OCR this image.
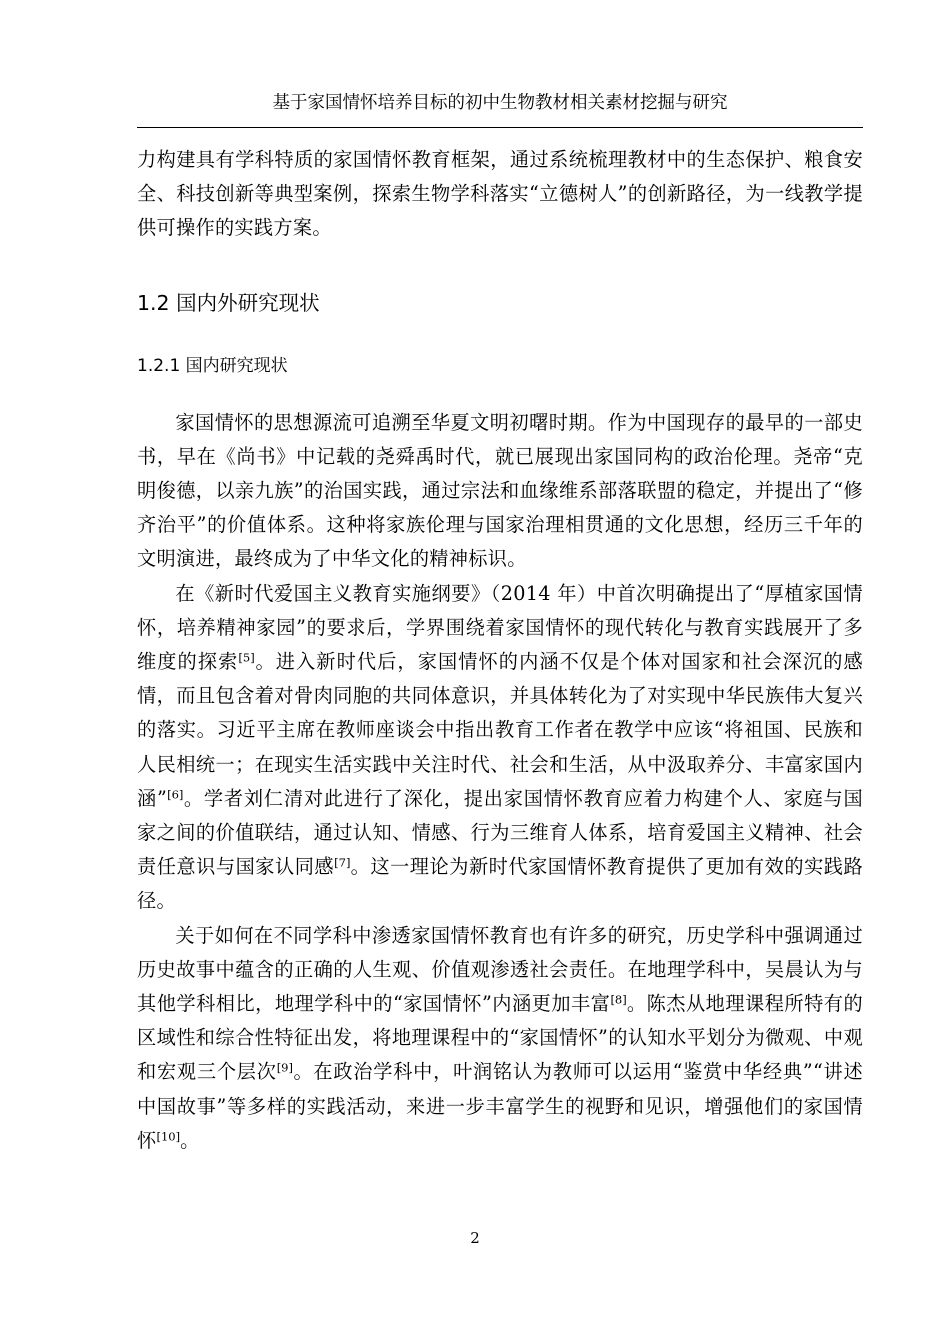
基于家国情怀培养目标的初中生物教材相关素材挖掘与研究

力构建具有学科特质的家国情怀教育框架，通过系统梳理教材中的生态保护、粮食安全、科技创新等典型案例，探索生物学科落实“立德树人”的创新路径，为一线教学提供可操作的实践方案。

1.2 国内外研究现状
1.2.1 国内研究现状

家国情怀的思想源流可追溯至华夏文明初曙时期。作为中国现存的最早的一部史书，早在《尚书》中记载的尧舜禹时代，就已展现出家国同构的政治伦理。尧帝“克明俊德，以亲九族”的治国实践，通过宗法和血缘维系部落联盟的稳定，并提出了“修齐治平”的价值体系。这种将家族伦理与国家治理相贯通的文化思想，经历三千年的文明演进，最终成为了中华文化的精神标识。

在《新时代爱国主义教育实施纲要》（2014 年）中首次明确提出了“厚植家国情怀，培养精神家园”的要求后，学界围绕着家国情怀的现代转化与教育实践展开了多维度的探索[5]。进入新时代后，家国情怀的内涵不仅是个体对国家和社会深沉的感情，而且包含着对骨肉同胞的共同体意识，并具体转化为了对实现中华民族伟大复兴的落实。习近平主席在教师座谈会中指出教育工作者在教学中应该“将祖国、民族和人民相统一；在现实生活实践中关注时代、社会和生活，从中汲取养分、丰富家国内涵”[6]。学者刘仁清对此进行了深化，提出家国情怀教育应着力构建个人、家庭与国家之间的价值联结，通过认知、情感、行为三维育人体系，培育爱国主义精神、社会责任意识与国家认同感[7]。这一理论为新时代家国情怀教育提供了更加有效的实践路径。

关于如何在不同学科中渗透家国情怀教育也有许多的研究，历史学科中强调通过历史故事中蕴含的正确的人生观、价值观渗透社会责任。在地理学科中，吴晨认为与其他学科相比，地理学科中的“家国情怀”内涵更加丰富[8]。陈杰从地理课程所特有的区域性和综合性特征出发，将地理课程中的“家国情怀”的认知水平划分为微观、中观和宏观三个层次[9]。在政治学科中，叶润铭认为教师可以运用“鉴赏中华经典”“讲述中国故事”等多样的实践活动，来进一步丰富学生的视野和见识，增强他们的家国情怀[10]。

2
